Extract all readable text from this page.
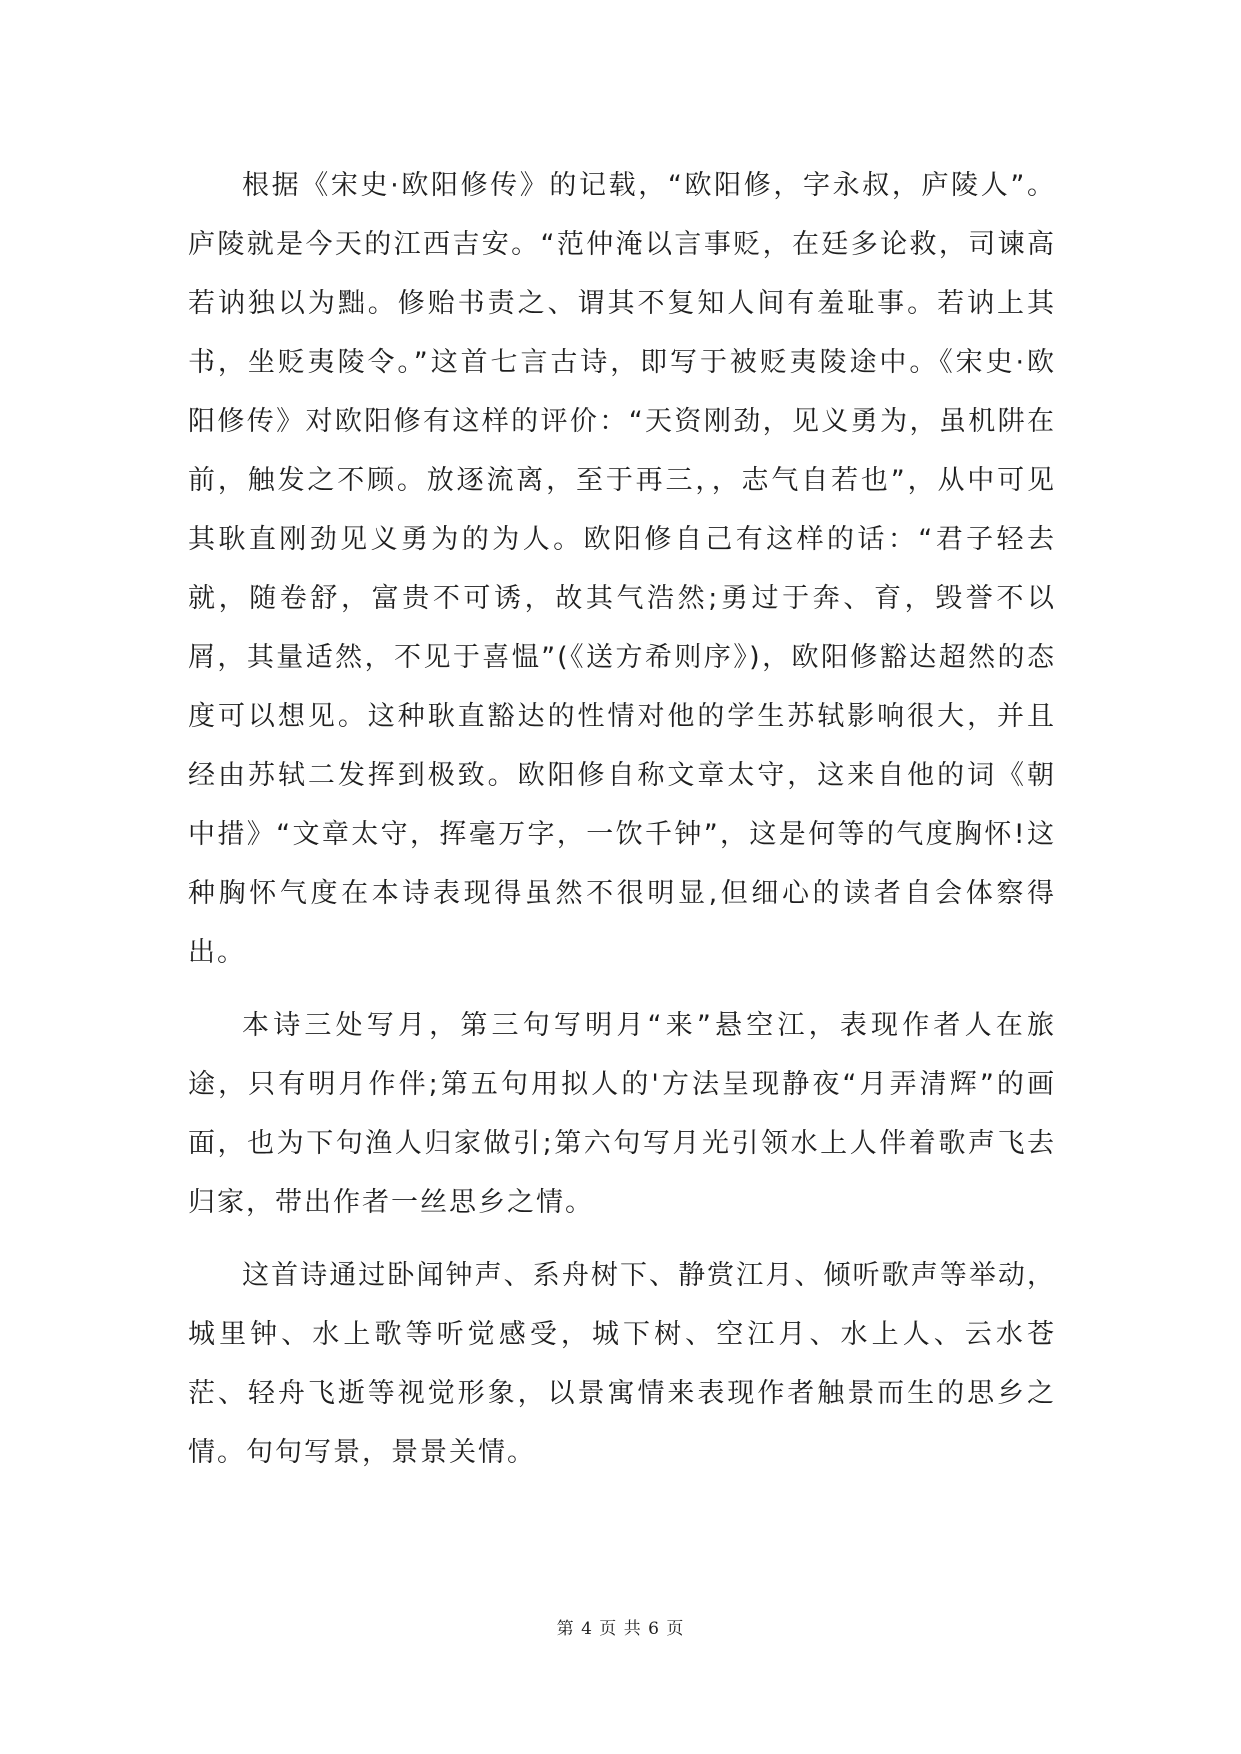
根据《宋史·欧阳修传》的记载，“欧阳修，字永叔，庐陵人”。庐陵就是今天的江西吉安。“范仲淹以言事贬，在廷多论救，司谏高若讷独以为黜。修贻书责之、谓其不复知人间有羞耻事。若讷上其书，坐贬夷陵令。”这首七言古诗，即写于被贬夷陵途中。《宋史·欧阳修传》对欧阳修有这样的评价：“天资刚劲，见义勇为，虽机阱在前，触发之不顾。放逐流离，至于再三，，志气自若也”，从中可见其耿直刚劲见义勇为的为人。欧阳修自己有这样的话：“君子轻去就，随卷舒，富贵不可诱，故其气浩然;勇过于奔、育，毁誉不以屑，其量适然，不见于喜愠”(《送方希则序》)，欧阳修豁达超然的态度可以想见。这种耿直豁达的性情对他的学生苏轼影响很大，并且经由苏轼二发挥到极致。欧阳修自称文章太守，这来自他的词《朝中措》“文章太守，挥毫万字，一饮千钟”，这是何等的气度胸怀!这种胸怀气度在本诗表现得虽然不很明显,但细心的读者自会体察得出。

本诗三处写月，第三句写明月“来”悬空江，表现作者人在旅途，只有明月作伴;第五句用拟人的'方法呈现静夜“月弄清辉”的画面，也为下句渔人归家做引;第六句写月光引领水上人伴着歌声飞去归家，带出作者一丝思乡之情。

这首诗通过卧闻钟声、系舟树下、静赏江月、倾听歌声等举动，城里钟、水上歌等听觉感受，城下树、空江月、水上人、云水苍茫、轻舟飞逝等视觉形象，以景寓情来表现作者触景而生的思乡之情。句句写景，景景关情。

第 4 页 共 6 页
